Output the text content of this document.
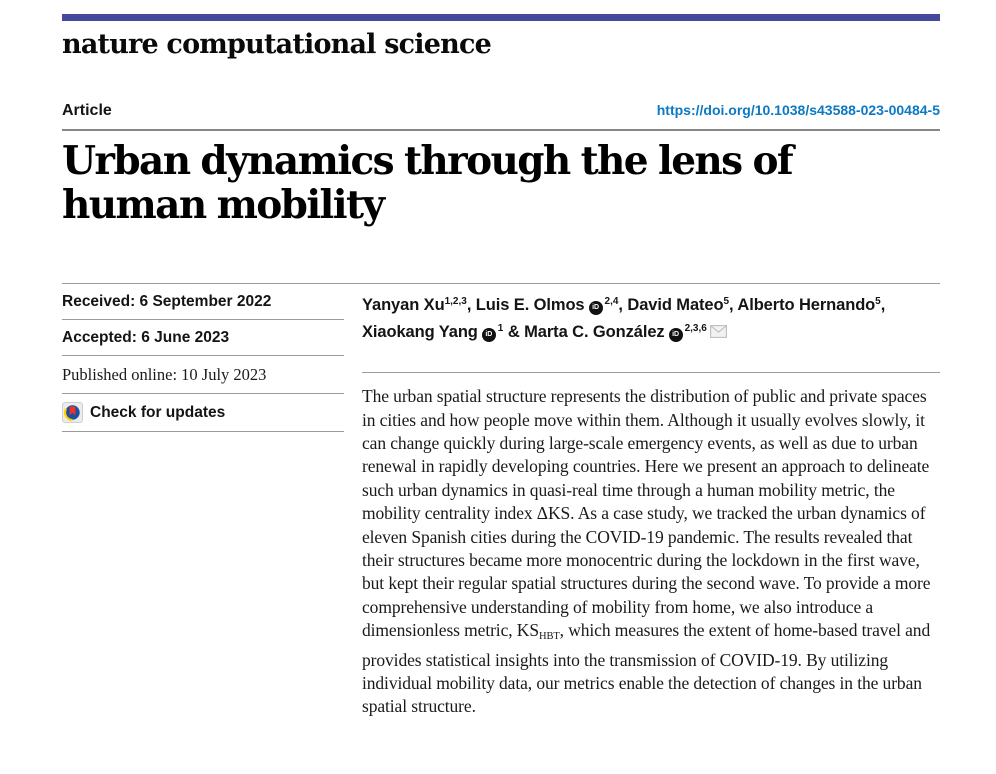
nature computational science
Article	https://doi.org/10.1038/s43588-023-00484-5
Urban dynamics through the lens of human mobility
Received: 6 September 2022
Accepted: 6 June 2023
Published online: 10 July 2023
Check for updates

Yanyan Xu$^{1,2,3}$, Luis E. Olmos iD$^{2,4}$, David Mateo$^5$, Alberto Hernando$^5$,
Xiaokang Yang $iD^1$ & Marta C. González iD$^{2,3,6}$

The urban spatial structure represents the distribution of public and private spaces in cities and how people move within them. Although it usually evolves slowly, it can change quickly during large-scale emergency events, as well as due to urban renewal in rapidly developing countries. Here we present an approach to delineate such urban dynamics in quasi-real time through a human mobility metric, the mobility centrality index ΔKS. As a case study, we tracked the urban dynamics of eleven Spanish cities during the COVID-19 pandemic. The results revealed that their structures became more monocentric during the lockdown in the first wave, but kept their regular spatial structures during the second wave. To provide a more comprehensive understanding of mobility from home, we also introduce a dimensionless metric, $KS_{HBT}$, which measures the extent of home-based travel and provides statistical insights into the transmission of COVID-19. By utilizing individual mobility data, our metrics enable the detection of changes in the urban spatial structure.
